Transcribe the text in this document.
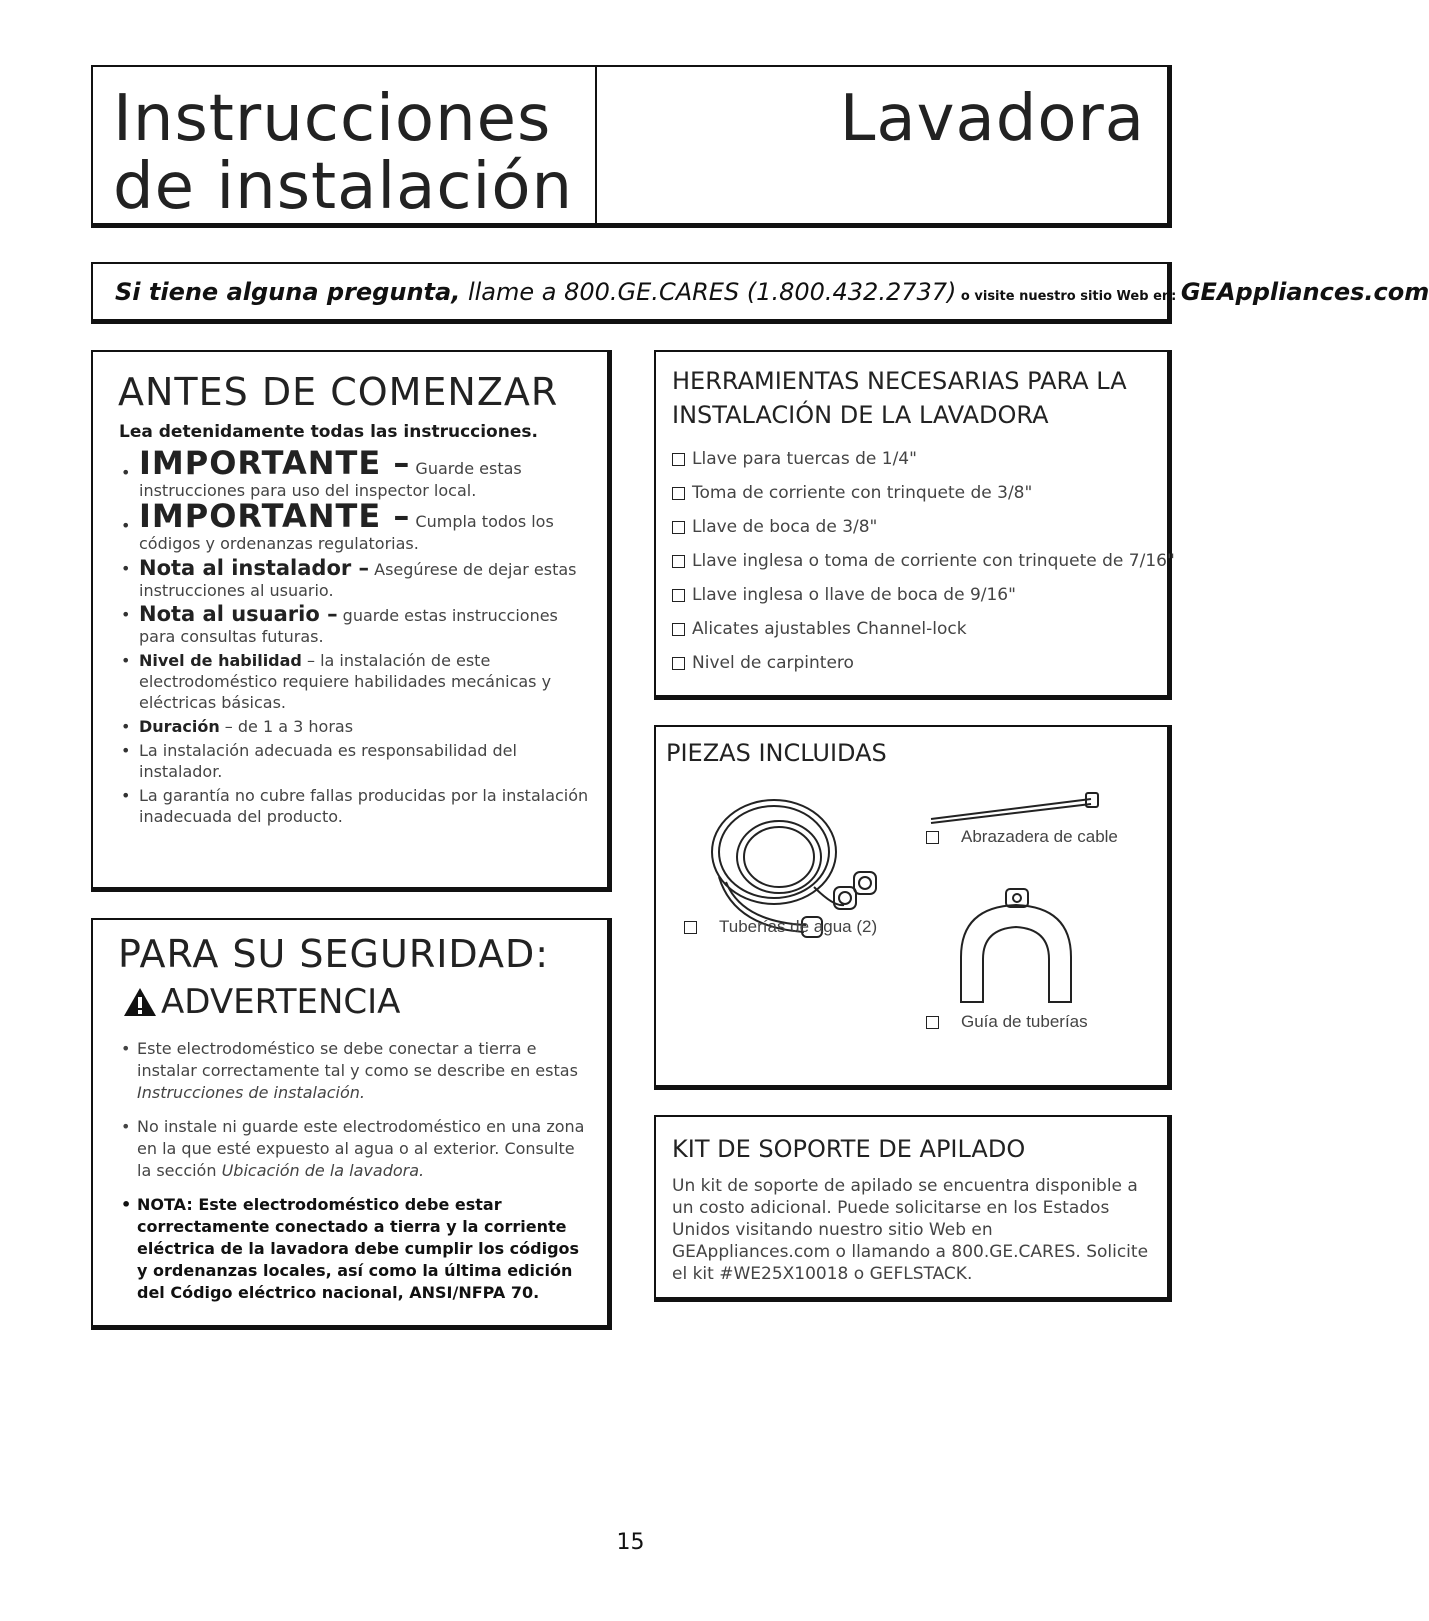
Instrucciones
de instalación
Lavadora

Si tiene alguna pregunta, llame a 800.GE.CARES (1.800.432.2737) o visite nuestro sitio Web en: GEAppliances.com

ANTES DE COMENZAR
Lea detenidamente todas las instrucciones.
• IMPORTANTE – Guarde estas instrucciones para uso del inspector local.
• IMPORTANTE – Cumpla todos los códigos y ordenanzas regulatorias.
• Nota al instalador – Asegúrese de dejar estas instrucciones al usuario.
• Nota al usuario – guarde estas instrucciones para consultas futuras.
• Nivel de habilidad – la instalación de este electrodoméstico requiere habilidades mecánicas y eléctricas básicas.
• Duración – de 1 a 3 horas
• La instalación adecuada es responsabilidad del instalador.
• La garantía no cubre fallas producidas por la instalación inadecuada del producto.
PARA SU SEGURIDAD:
ADVERTENCIA
• Este electrodoméstico se debe conectar a tierra e instalar correctamente tal y como se describe en estas Instrucciones de instalación.
• No instale ni guarde este electrodoméstico en una zona en la que esté expuesto al agua o al exterior. Consulte la sección Ubicación de la lavadora.
• NOTA: Este electrodoméstico debe estar correctamente conectado a tierra y la corriente eléctrica de la lavadora debe cumplir los códigos y ordenanzas locales, así como la última edición del Código eléctrico nacional, ANSI/NFPA 70.
HERRAMIENTAS NECESARIAS PARA LA INSTALACIÓN DE LA LAVADORA
Llave para tuercas de 1/4"
Toma de corriente con trinquete de 3/8"
Llave de boca de 3/8"
Llave inglesa o toma de corriente con trinquete de 7/16"
Llave inglesa o llave de boca de 9/16"
Alicates ajustables Channel-lock
Nivel de carpintero
PIEZAS INCLUIDAS
Tuberías de agua (2)
Abrazadera de cable
Guía de tuberías
KIT DE SOPORTE DE APILADO

Un kit de soporte de apilado se encuentra disponible a un costo adicional. Puede solicitarse en los Estados Unidos visitando nuestro sitio Web en GEAppliances.com o llamando a 800.GE.CARES. Solicite el kit #WE25X10018 o GEFLSTACK.

15
